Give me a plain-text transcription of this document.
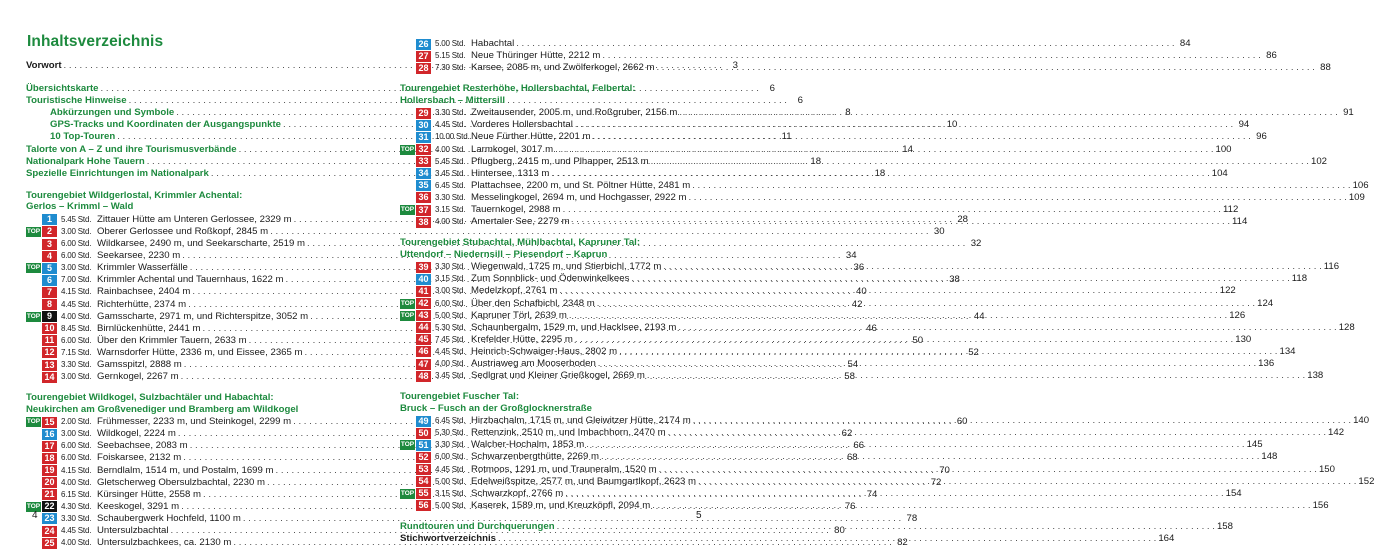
Inhaltsverzeichnis
Vorwort . . .	3
Übersichtskarte . . .	6
Touristische Hinweise . . .	6
Abkürzungen und Symbole . . .	8
GPS-Tracks und Koordinaten der Ausgangspunkte . . .	10
10 Top-Touren . . .	11
Talorte von A – Z und ihre Tourismusverbände . . .	14
Nationalpark Hohe Tauern . . .	18
Spezielle Einrichtungen im Nationalpark . . .	18
Tourengebiet Wildgerlostal, Krimmler Achental:
Gerlos – Krimml – Wald
1	5.45 Std. Zittauer Hütte am Unteren Gerlossee, 2329 m . . .	28
TOP 2	3.00 Std. Oberer Gerlossee und Roßkopf, 2845 m . . .	30
3	6.00 Std. Wildkarsee, 2490 m, und Seekarscharte, 2519 m . . .	32
4	6.00 Std. Seekarsee, 2230 m . . .	34
TOP 5	3.00 Std. Krimmler Wasserfälle . . .	36
6	7.00 Std. Krimmler Achental und Tauernhaus, 1622 m . . .	38
7	4.15 Std. Rainbachsee, 2404 m . . .	40
8	4.45 Std. Richterhütte, 2374 m . . .	42
TOP 9	4.00 Std. Gamsscharte, 2971 m, und Richterspitze, 3052 m . . .	44
10 8.45 Std. Birnlückenhütte, 2441 m . . .	46
11 6.00 Std. Über den Krimmler Tauern, 2633 m . . .	50
12 7.15 Std. Warnsdorfer Hütte, 2336 m, und Eissee, 2365 m . . .	52
13 3.30 Std. Gamsspitzl, 2888 m . . .	54
14 3.00 Std. Gernkogel, 2267 m . . .	58
Tourengebiet Wildkogel, Sulzbachtäler und Habachtal:
Neukirchen am Großvenediger und Bramberg am Wildkogel
TOP 15 2.00 Std. Frühmesser, 2233 m, und Steinkogel, 2299 m . . .	60
16 3.00 Std. Wildkogel, 2224 m . . .	62
17 6.00 Std. Seebachsee, 2083 m . . .	66
18 6.00 Std. Foiskarsee, 2132 m . . .	68
19 4.15 Std. Berndlalm, 1514 m, und Postalm, 1699 m . . .	70
20 4.00 Std. Gletscherweg Obersulzbachtal, 2230 m . . .	72
21 6.15 Std. Kürsinger Hütte, 2558 m . . .	74
TOP 22 4.30 Std. Keeskogel, 3291 m . . .	76
23 3.30 Std. Schaubergwerk Hochfeld, 1100 m . . .	78
24 4.45 Std. Untersulzbachtal . . .	80
25 4.00 Std. Untersulzbachkees, ca. 2130 m . . .	82
4
26 5.00 Std. Habachtal . . .	84
27 5.15 Std. Neue Thüringer Hütte, 2212 m . . .	86
28 7.30 Std. Karsee, 2085 m, und Zwölferkogel, 2662 m . . .	88
Tourengebiet Resterhöhe, Hollersbachtal, Felbertal:
Hollersbach – Mittersill
29 3.30 Std. Zweitausender, 2005 m, und Roßgruber, 2156 m . . .	91
30 4.45 Std. Vorderes Hollersbachtal . . .	94
31 10.00 Std. Neue Fürther Hütte, 2201 m . . .	96
TOP 32 4.00 Std. Larmkogel, 3017 m . . .	100
33 5.45 Std. Pflugberg, 2415 m, und Plhapper, 2513 m . . .	102
34 3.45 Std. Hintersee, 1313 m . . .	104
35 6.45 Std. Plattachsee, 2200 m, und St. Pöltner Hütte, 2481 m . . .	106
36 3.30 Std. Messelingkogel, 2694 m, und Hochgasser, 2922 m . . .	109
TOP 37 3.15 Std. Tauernkogel, 2988 m . . .	112
38 4.00 Std. Amertaler See, 2279 m . . .	114
Tourengebiet Stubachtal, Mühlbachtal, Kapruner Tal:
Uttendorf – Niedernsill – Piesendorf – Kaprun
39 3.30 Std. Wiegenwald, 1725 m, und Stierbichl, 1772 m . . .	116
40 3.15 Std. Zum Sonnblick- und Ödenwinkelkees . . .	118
41 3.00 Std. Medelzkopf, 2761 m . . .	122
TOP 42 6.00 Std. Über den Schafbichl, 2348 m . . .	124
TOP 43 5.00 Std. Kapruner Törl, 2639 m . . .	126
44 5.30 Std. Schaunbergalm, 1529 m, und Hacklsee, 2193 m . . .	128
45 7.45 Std. Krefelder Hütte, 2295 m . . .	130
46 4.45 Std. Heinrich-Schwaiger-Haus, 2802 m . . .	134
47 4.00 Std. Austriaweg am Mooserboden . . .	136
48 3.45 Std. Sedlgrat und Kleiner Grießkogel, 2669 m . . .	138
Tourengebiet Fuscher Tal:
Bruck – Fusch an der Großglocknerstraße
49 6.45 Std. Hirzbachalm, 1715 m, und Gleiwitzer Hütte, 2174 m . . .	140
50 5.30 Std. Rettenzink, 2510 m, und Imbachhorn, 2470 m . . .	142
TOP 51 3.30 Std. Walcher-Hochalm, 1853 m . . .	145
52 6.00 Std. Schwarzenbergthütte, 2269 m . . .	148
53 4.45 Std. Rotmoos, 1291 m, und Trauneralm, 1520 m . . .	150
54 5.00 Std. Edelweißspitze, 2577 m, und Baumgartlkopf, 2623 m . . .	152
TOP 55 3.15 Std. Schwarzkopf, 2766 m . . .	154
56 5.00 Std. Kaserek, 1589 m, und Kreuzköpfl, 2094 m . . .	156
Rundtouren und Durchquerungen . . .	158
Stichwortverzeichnis . . .	164
5
